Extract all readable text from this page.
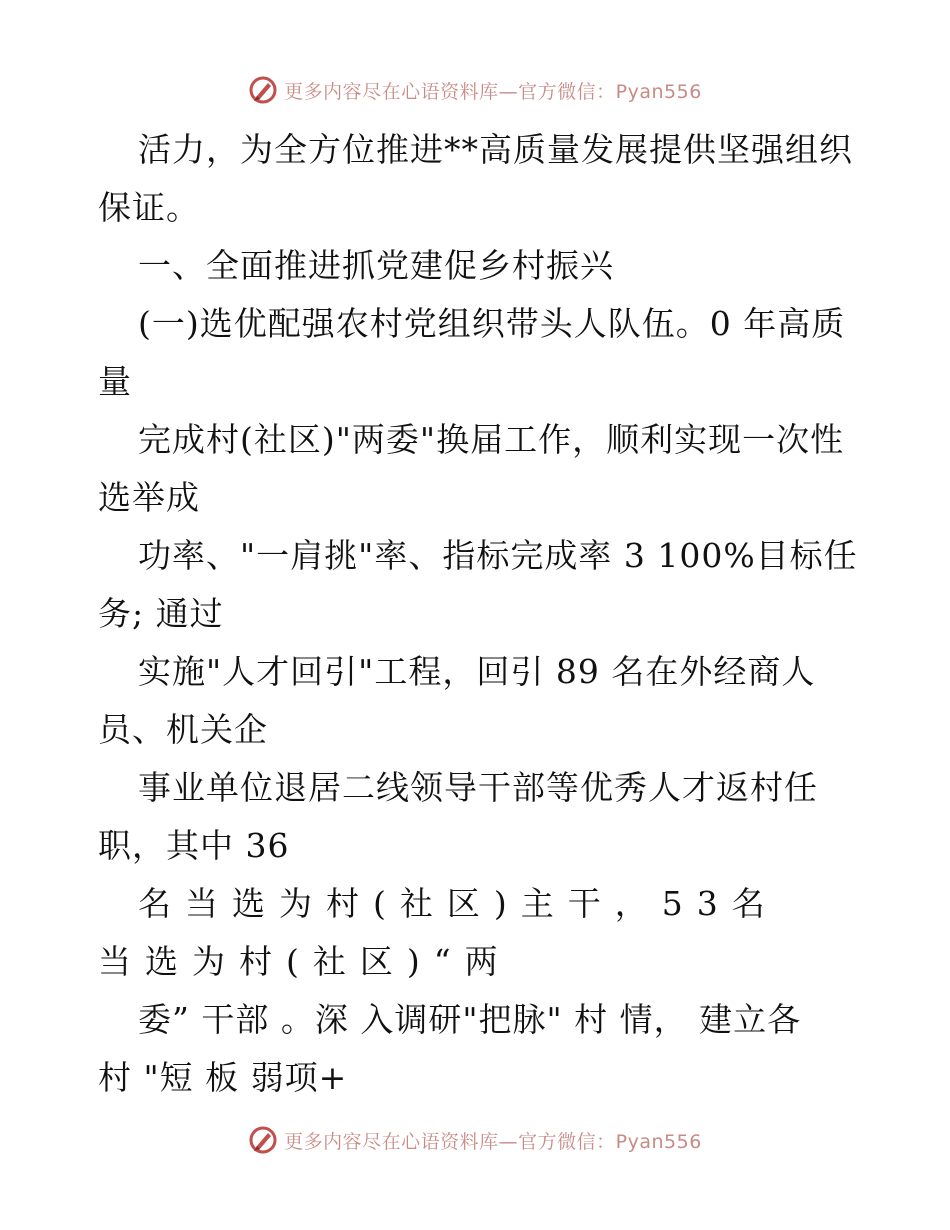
更多内容尽在心语资料库—官方微信：Pyan556
活力，为全方位推进**高质量发展提供坚强组织
保证。
一、全面推进抓党建促乡村振兴
(一)选优配强农村党组织带头人队伍。0 年高质
量
完成村(社区)"两委"换届工作，顺利实现一次性
选举成
功率、"一肩挑"率、指标完成率 3 100%目标任
务; 通过
实施"人才回引"工程，回引 89 名在外经商人
员、机关企
事业单位退居二线领导干部等优秀人才返村任
职，其中 36
名当选为村(社区)主干，53名
当选为村(社区)“两
委” 干部 。深 入调研"把脉" 村 情， 建立各
村 "短 板 弱项+
更多内容尽在心语资料库—官方微信：Pyan556
